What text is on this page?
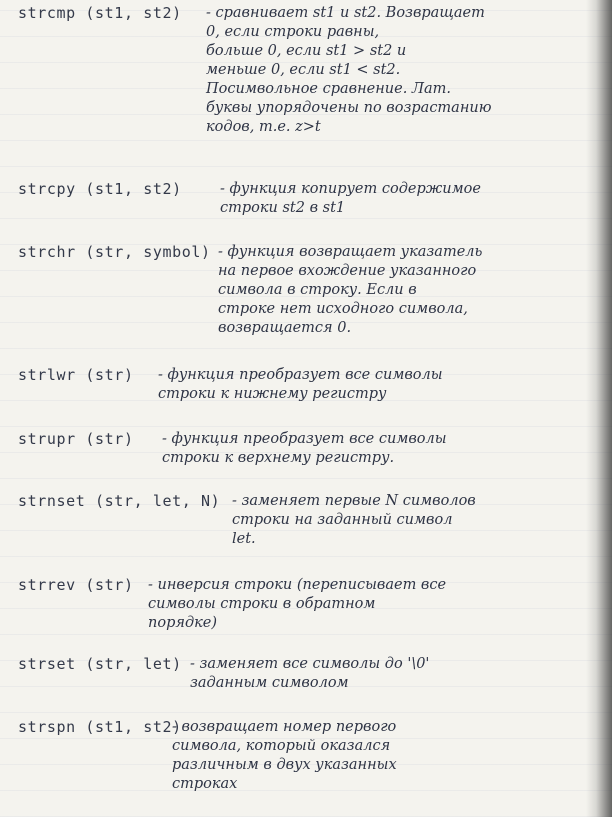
strcmp (st1, st2) - сравнивает st1 и st2. Возвращает
0, если строки равны,
больше 0, если st1 > st2 и
меньше 0, если st1 < st2.
Посимвольное сравнение. Лат.
буквы упорядочены по возрастанию
кодов, т.е. z>t
strcpy (st1, st2)	- функция копирует содержимое
строки st2 в st1
strchr (str, symbol) - функция возвращает указатель
на первое вхождение указанного
символа в строку. Если в
строке нет исходного символа,
возвращается 0.
strlwr (str) - функция преобразует все символы
строки к нижнему регистру
strupr (str) - функция преобразует все символы
строки к верхнему регистру.
strnset (str, let, N) - заменяет первые N символов
строки на заданный символ
let.
strrev (str) - инверсия строки (переписывает все
символы строки в обратном
порядке)
strset (str, let) - заменяет все символы до '\0'
заданным символом
strspn (st1, st2)
- возвращает номер первого
символа, который оказался
различным в двух указанных
строках
